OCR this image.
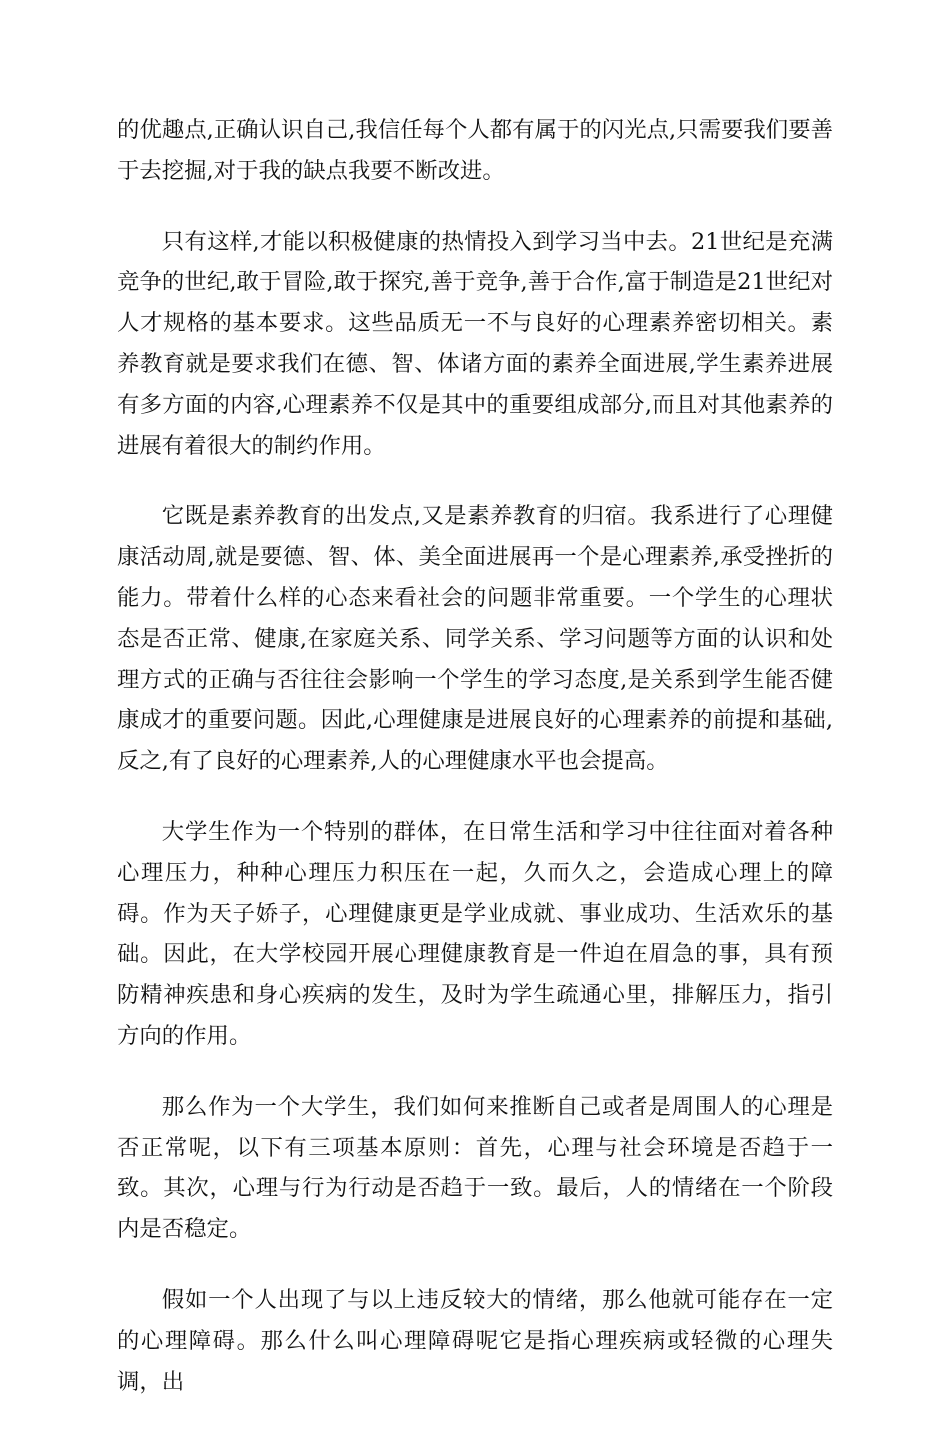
的优趣点,正确认识自己,我信任每个人都有属于的闪光点,只需要我们要善于去挖掘,对于我的缺点我要不断改进。

只有这样,才能以积极健康的热情投入到学习当中去。21世纪是充满竞争的世纪,敢于冒险,敢于探究,善于竞争,善于合作,富于制造是21世纪对人才规格的基本要求。这些品质无一不与良好的心理素养密切相关。素养教育就是要求我们在德、智、体诸方面的素养全面进展,学生素养进展有多方面的内容,心理素养不仅是其中的重要组成部分,而且对其他素养的进展有着很大的制约作用。

它既是素养教育的出发点,又是素养教育的归宿。我系进行了心理健康活动周,就是要德、智、体、美全面进展再一个是心理素养,承受挫折的能力。带着什么样的心态来看社会的问题非常重要。一个学生的心理状态是否正常、健康,在家庭关系、同学关系、学习问题等方面的认识和处理方式的正确与否往往会影响一个学生的学习态度,是关系到学生能否健康成才的重要问题。因此,心理健康是进展良好的心理素养的前提和基础,反之,有了良好的心理素养,人的心理健康水平也会提高。

大学生作为一个特别的群体，在日常生活和学习中往往面对着各种心理压力，种种心理压力积压在一起，久而久之，会造成心理上的障碍。作为天子娇子，心理健康更是学业成就、事业成功、生活欢乐的基础。因此，在大学校园开展心理健康教育是一件迫在眉急的事，具有预防精神疾患和身心疾病的发生，及时为学生疏通心里，排解压力，指引方向的作用。

那么作为一个大学生，我们如何来推断自己或者是周围人的心理是否正常呢，以下有三项基本原则：首先，心理与社会环境是否趋于一致。其次，心理与行为行动是否趋于一致。最后，人的情绪在一个阶段内是否稳定。

假如一个人出现了与以上违反较大的情绪，那么他就可能存在一定的心理障碍。那么什么叫心理障碍呢它是指心理疾病或轻微的心理失调，出
